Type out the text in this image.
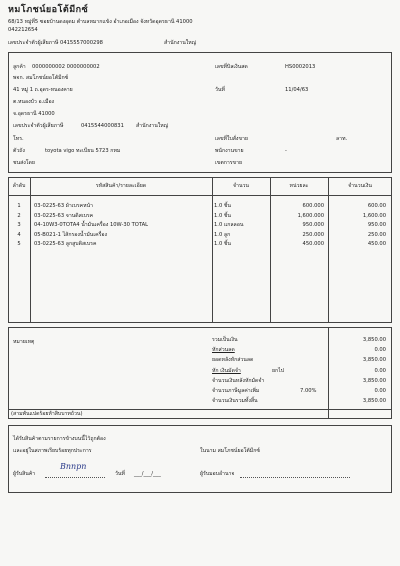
หมโภชน์ยอโต้มีกซ์
68/13 หมู่ที่5 ซอยบ้านดงอุดม ตำบลหมากแข้ง อำเภอเมือง จังหวัดอุดรธานี 41000
042212654
เลขประจำตัวผู้เสียภาษี 0415557000298	สำนักงานใหญ่
ลูกค้า 0000000002 0000000002
พจก. สมโภชน์ยอโต้มีกซ์
41 หมู่ 1 ถ.อุดร-หนองคาย
ต.หนองบัว อ.เมือง
จ.อุดรธานี 41000
เลขประจำตัวผู้เสียภาษี	0415544000831 สำนักงานใหญ่
โทร.
ตัวถัง	toyota vigo ทะเบียน 5723 กทม
ชนส่งโดย
เลขที่บิลเงินสด	HS0002013
วันที่	11/04/63
เลขที่ใบสั่งขาย	ลาท.
พนักงานขาย	-
เขตการขาย
ลำดับ	รหัสสินค้า/รายละเอียด	จำนวน	หน่วยละ	จำนวนเงิน
1	03-0225-63 ผ้าเบรคหน้า	1.0 ชิ้น	600.000	600.00
2	03-0225-63 จานดิสเบรค	1.0 ชิ้น	1,600.000	1,600.00
3	04-10W3-0TOTA4 น้ำมันเครื่อง 10W-30 TOTAL	1.0 แกลลอน	950.000	950.00
4	05-B021-1 ไส้กรองน้ำมันเครื่อง	1.0 ลูก	250.000	250.00
5	03-0225-63 ลูกสูบดิสเบรค	1.0 ชิ้น	450.000	450.00
หมายเหตุ
(สามพันแปดร้อยห้าสิบบาทถ้วน)
รวมเป็นเงิน	3,850.00
หักส่วนลด	0.00
ยอดหลังหักส่วนลด	3,850.00
หัก เงินมัดจำ	ยกไป	0.00
จำนวนเงินหลังหักมัดจำ	3,850.00
จำนวนภาษีมูลค่าเพิ่ม	7.00%	0.00
จำนวนเงินรวมทั้งสิ้น	3,850.00
ได้รับสินค้าตามรายการข้างบนนี้ไว้ถูกต้อง
และอยู่ในสภาพเรียบร้อยทุกประการ	ในนาม สมโภชน์ยอโต้มีกซ์
ผู้รับสินค้า
Bnnpn
วันที่ ___/___/___	ผู้รับมอบอำนาจ
